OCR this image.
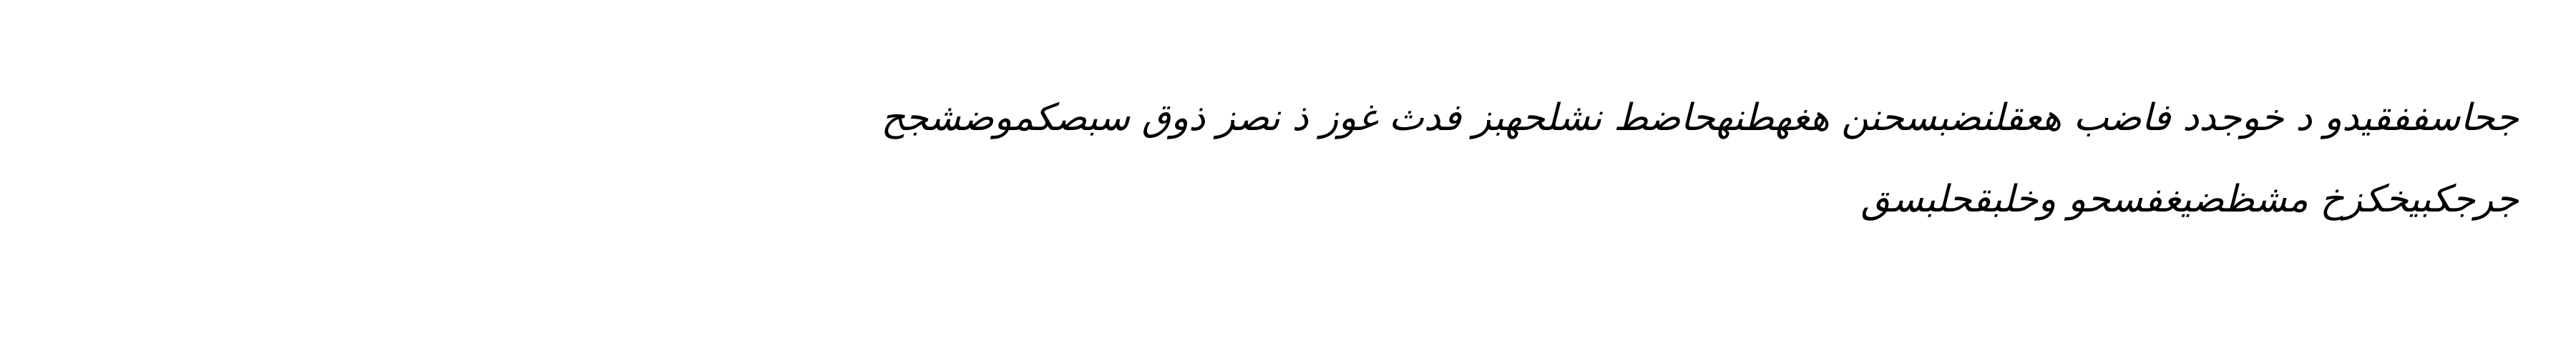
جحاسففقيدو د خوجدد فاضب هعقلنضبسحنن هغهطنهحاضط نشلحهبز فدث غوز ذ نصز ذوق سبصكموضشجح
جرجكبيخكزخ مشظضيغفسحو وخلبقحلبسق
